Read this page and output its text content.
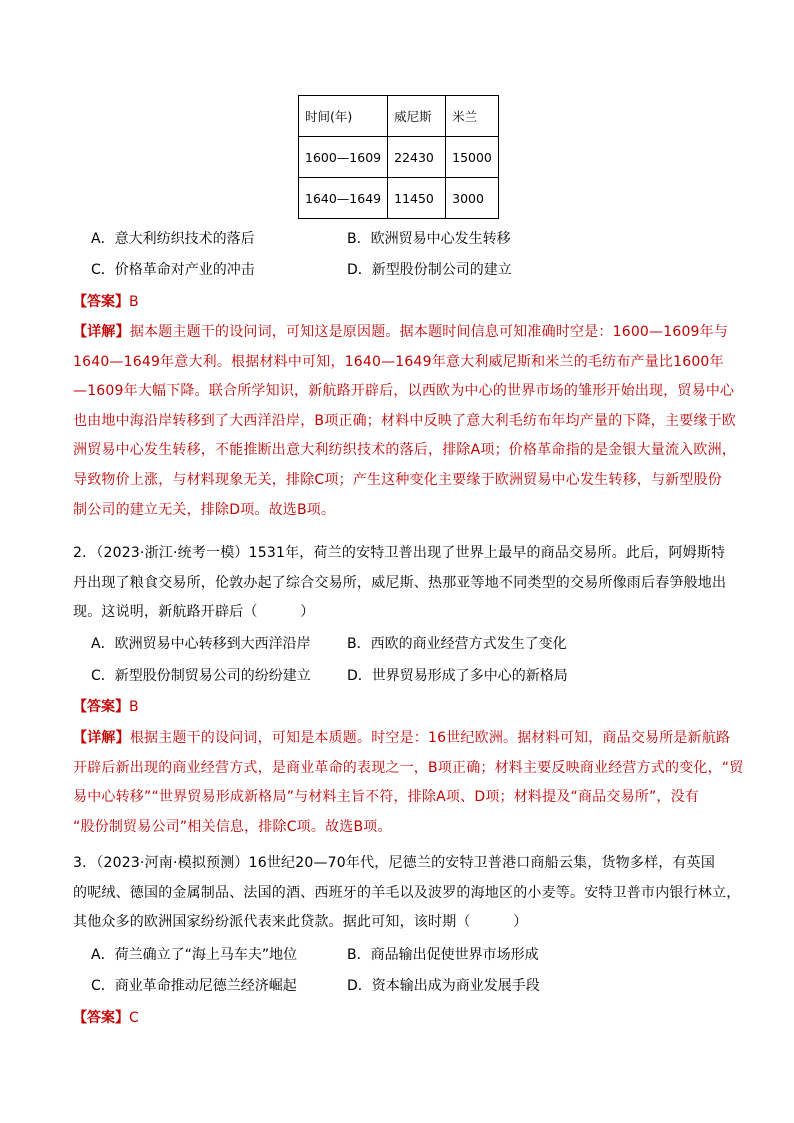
时间(年)	威尼斯	米兰
1600—1609	22430	15000
1640—1649	11450	3000
A．意大利纺织技术的落后	B．欧洲贸易中心发生转移
C．价格革命对产业的冲击	D．新型股份制公司的建立
【答案】B
【详解】据本题主题干的设问词，可知这是原因题。据本题时间信息可知准确时空是：1600—1609年与
1640—1649年意大利。根据材料中可知，1640—1649年意大利威尼斯和米兰的毛纺布产量比1600年
—1609年大幅下降。联合所学知识，新航路开辟后，以西欧为中心的世界市场的雏形开始出现，贸易中心
也由地中海沿岸转移到了大西洋沿岸，B项正确；材料中反映了意大利毛纺布年均产量的下降，主要缘于欧
洲贸易中心发生转移，不能推断出意大利纺织技术的落后，排除A项；价格革命指的是金银大量流入欧洲，
导致物价上涨，与材料现象无关，排除C项；产生这种变化主要缘于欧洲贸易中心发生转移，与新型股份
制公司的建立无关，排除D项。故选B项。
2．（2023·浙江·统考一模）1531年，荷兰的安特卫普出现了世界上最早的商品交易所。此后，阿姆斯特
丹出现了粮食交易所，伦敦办起了综合交易所，威尼斯、热那亚等地不同类型的交易所像雨后春笋般地出
现。这说明，新航路开辟后（　　　）
A．欧洲贸易中心转移到大西洋沿岸	B．西欧的商业经营方式发生了变化
C．新型股份制贸易公司的纷纷建立	D．世界贸易形成了多中心的新格局
【答案】B
【详解】根据主题干的设问词，可知是本质题。时空是：16世纪欧洲。据材料可知，商品交易所是新航路
开辟后新出现的商业经营方式，是商业革命的表现之一，B项正确；材料主要反映商业经营方式的变化，“贸
易中心转移”“世界贸易形成新格局”与材料主旨不符，排除A项、D项；材料提及“商品交易所”，没有
“股份制贸易公司”相关信息，排除C项。故选B项。
3．（2023·河南·模拟预测）16世纪20—70年代，尼德兰的安特卫普港口商船云集，货物多样，有英国
的呢绒、德国的金属制品、法国的酒、西班牙的羊毛以及波罗的海地区的小麦等。安特卫普市内银行林立，
其他众多的欧洲国家纷纷派代表来此贷款。据此可知，该时期（　　　）
A．荷兰确立了“海上马车夫”地位	B．商品输出促使世界市场形成
C．商业革命推动尼德兰经济崛起	D．资本输出成为商业发展手段
【答案】C
